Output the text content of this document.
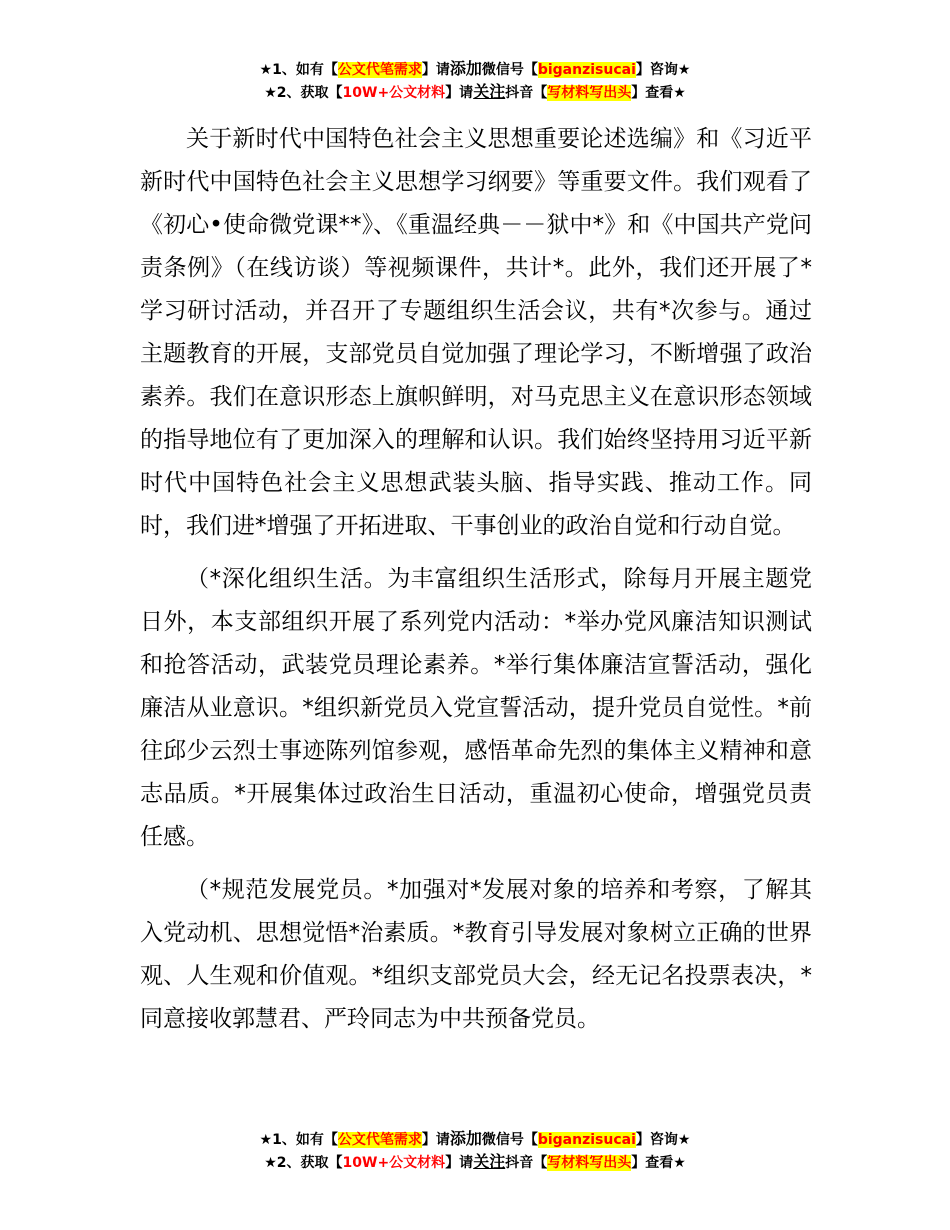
★1、如有【公文代笔需求】请添加微信号【biganzisucai】咨询★
★2、获取【10W+公文材料】请关注抖音【写材料写出头】查看★

关于新时代中国特色社会主义思想重要论述选编》和《习近平新时代中国特色社会主义思想学习纲要》等重要文件。我们观看了《初心•使命微党课**》、《重温经典－－狱中*》和《中国共产党问责条例》（在线访谈）等视频课件，共计*。此外，我们还开展了*学习研讨活动，并召开了专题组织生活会议，共有*次参与。通过主题教育的开展，支部党员自觉加强了理论学习，不断增强了政治素养。我们在意识形态上旗帜鲜明，对马克思主义在意识形态领域的指导地位有了更加深入的理解和认识。我们始终坚持用习近平新时代中国特色社会主义思想武装头脑、指导实践、推动工作。同时，我们进*增强了开拓进取、干事创业的政治自觉和行动自觉。

（*深化组织生活。为丰富组织生活形式，除每月开展主题党日外，本支部组织开展了系列党内活动：*举办党风廉洁知识测试和抢答活动，武装党员理论素养。*举行集体廉洁宣誓活动，强化廉洁从业意识。*组织新党员入党宣誓活动，提升党员自觉性。*前往邱少云烈士事迹陈列馆参观，感悟革命先烈的集体主义精神和意志品质。*开展集体过政治生日活动，重温初心使命，增强党员责任感。

（*规范发展党员。*加强对*发展对象的培养和考察，了解其入党动机、思想觉悟*治素质。*教育引导发展对象树立正确的世界观、人生观和价值观。*组织支部党员大会，经无记名投票表决，*同意接收郭慧君、严玲同志为中共预备党员。

★1、如有【公文代笔需求】请添加微信号【biganzisucai】咨询★
★2、获取【10W+公文材料】请关注抖音【写材料写出头】查看★
